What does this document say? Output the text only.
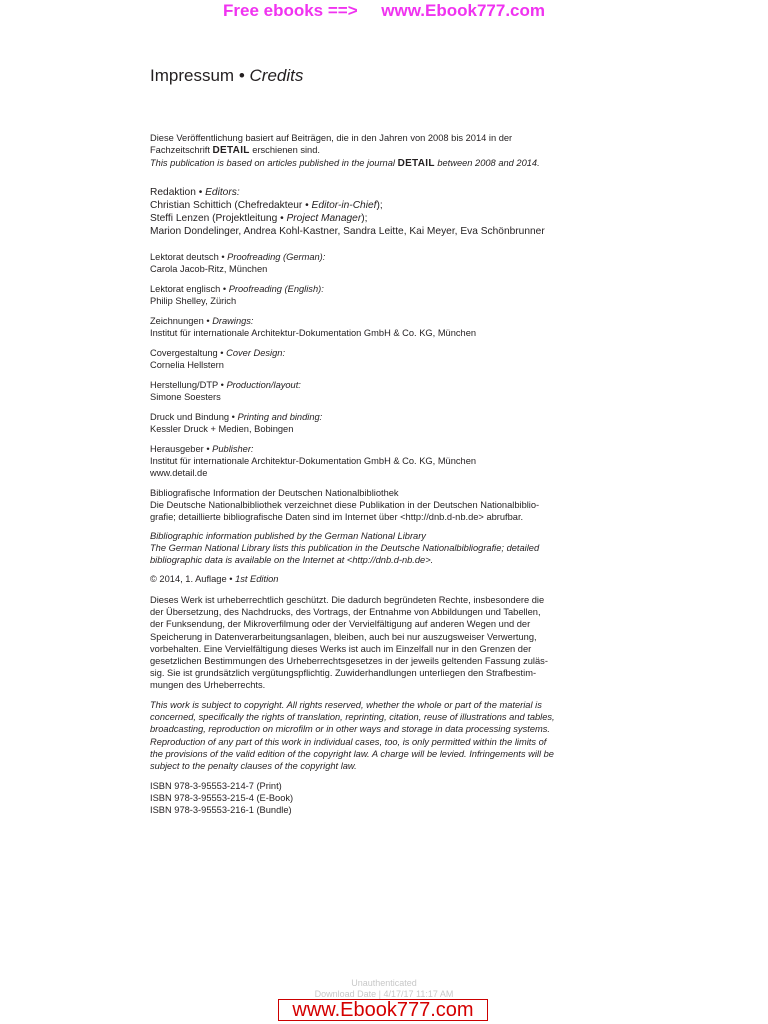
Free ebooks ==> www.Ebook777.com
Impressum • Credits

Diese Veröffentlichung basiert auf Beiträgen, die in den Jahren von 2008 bis 2014 in der

Fachzeitschrift DETAIL erschienen sind.

This publication is based on articles published in the journal DETAIL between 2008 and 2014.

Redaktion • Editors:

Christian Schittich (Chefredakteur • Editor-in-Chief);

Steffi Lenzen (Projektleitung • Project Manager);

Marion Dondelinger, Andrea Kohl-Kastner, Sandra Leitte, Kai Meyer, Eva Schönbrunner

Lektorat deutsch • Proofreading (German):

Carola Jacob-Ritz, München

Lektorat englisch • Proofreading (English):

Philip Shelley, Zürich

Zeichnungen • Drawings:

Institut für internationale Architektur-Dokumentation GmbH & Co. KG, München

Covergestaltung • Cover Design:

Cornelia Hellstern

Herstellung/DTP • Production/layout:

Simone Soesters

Druck und Bindung • Printing and binding:

Kessler Druck + Medien, Bobingen

Herausgeber • Publisher:

Institut für internationale Architektur-Dokumentation GmbH & Co. KG, München

www.detail.de

Bibliografische Information der Deutschen Nationalbibliothek

Die Deutsche Nationalbibliothek verzeichnet diese Publikation in der Deutschen Nationalbiblio-

grafie; detaillierte bibliografische Daten sind im Internet über <http://dnb.d-nb.de> abrufbar.

Bibliographic information published by the German National Library

The German National Library lists this publication in the Deutsche Nationalbibliografie; detailed

bibliographic data is available on the Internet at <http://dnb.d-nb.de>.

© 2014, 1. Auflage • 1st Edition

Dieses Werk ist urheberrechtlich geschützt. Die dadurch begründeten Rechte, insbesondere die

der Übersetzung, des Nachdrucks, des Vortrags, der Entnahme von Abbildungen und Tabellen,

der Funksendung, der Mikroverfilmung oder der Vervielfältigung auf anderen Wegen und der

Speicherung in Datenverarbeitungsanlagen, bleiben, auch bei nur auszugsweiser Verwertung,

vorbehalten. Eine Vervielfältigung dieses Werks ist auch im Einzelfall nur in den Grenzen der

gesetzlichen Bestimmungen des Urheberrechtsgesetzes in der jeweils geltenden Fassung zuläs-

sig. Sie ist grundsätzlich vergütungspflichtig. Zuwiderhandlungen unterliegen den Strafbestim-

mungen des Urheberrechts.

This work is subject to copyright. All rights reserved, whether the whole or part of the material is

concerned, specifically the rights of translation, reprinting, citation, reuse of illustrations and tables,

broadcasting, reproduction on microfilm or in other ways and storage in data processing systems.

Reproduction of any part of this work in individual cases, too, is only permitted within the limits of

the provisions of the valid edition of the copyright law. A charge will be levied. Infringements will be

subject to the penalty clauses of the copyright law.

ISBN 978-3-95553-214-7 (Print)

ISBN 978-3-95553-215-4 (E-Book)

ISBN 978-3-95553-216-1 (Bundle)

Unauthenticated
Download Date | 4/17/17 11:17 AM
www.Ebook777.com
